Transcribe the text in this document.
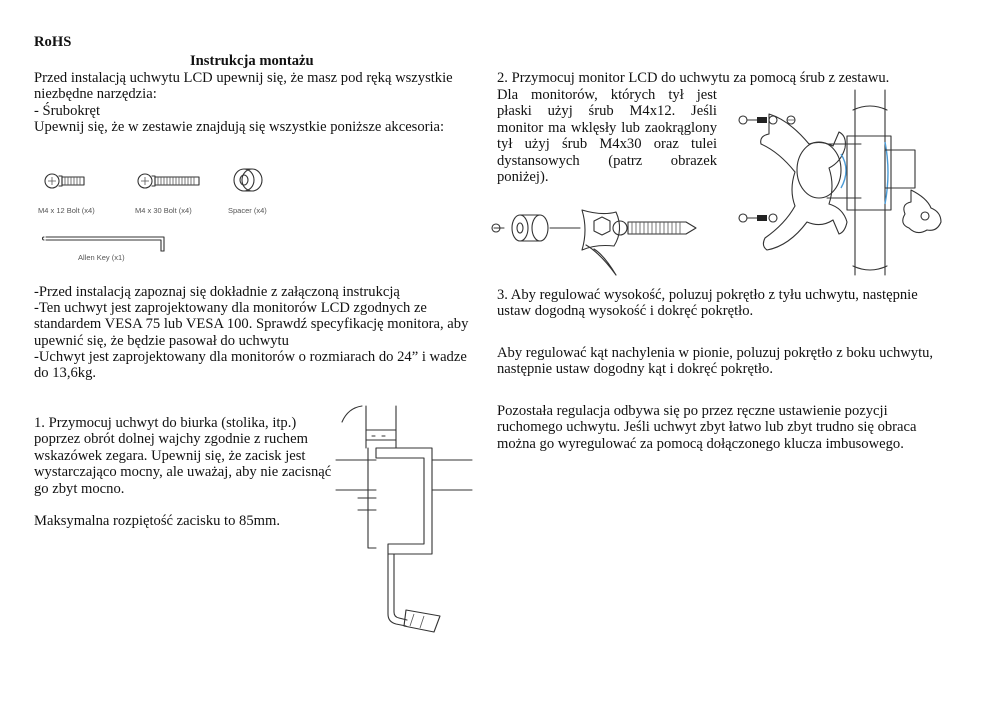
RoHS
Instrukcja montażu
Przed instalacją uchwytu LCD upewnij się, że masz pod ręką wszystkie niezbędne narzędzia:
- Śrubokręt
Upewnij się, że w zestawie znajdują się wszystkie poniższe akcesoria:
M4 x 12 Bolt (x4)	M4 x 30 Bolt (x4)	Spacer (x4)
Allen Key (x1)
-Przed instalacją zapoznaj się dokładnie z załączoną instrukcją
-Ten uchwyt jest zaprojektowany dla monitorów LCD zgodnych ze standardem VESA 75 lub VESA 100. Sprawdź specyfikację monitora, aby upewnić się, że będzie pasował do uchwytu
-Uchwyt jest zaprojektowany dla monitorów o rozmiarach do 24” i wadze do 13,6kg.
1. Przymocuj uchwyt do biurka (stolika, itp.) poprzez obrót dolnej wajchy zgodnie z ruchem wskazówek zegara. Upewnij się, że zacisk jest wystarczająco mocny, ale uważaj, aby nie zacisnąć go zbyt mocno.
Maksymalna rozpiętość zacisku to 85mm.
2. Przymocuj monitor LCD do uchwytu za pomocą śrub z zestawu.
Dla monitorów, których tył jest płaski użyj śrub M4x12. Jeśli monitor ma wklęsły lub zaokrąglony tył użyj śrub M4x30 oraz tulei dystansowych (patrz obrazek poniżej).
3. Aby regulować wysokość, poluzuj pokrętło z tyłu uchwytu, następnie ustaw dogodną wysokość i dokręć pokrętło.
Aby regulować kąt nachylenia w pionie, poluzuj pokrętło z boku uchwytu, następnie ustaw dogodny kąt i dokręć pokrętło.
Pozostała regulacja odbywa się po przez ręczne ustawienie pozycji ruchomego uchwytu. Jeśli uchwyt zbyt łatwo lub zbyt trudno się obraca można go wyregulować za pomocą dołączonego klucza imbusowego.
